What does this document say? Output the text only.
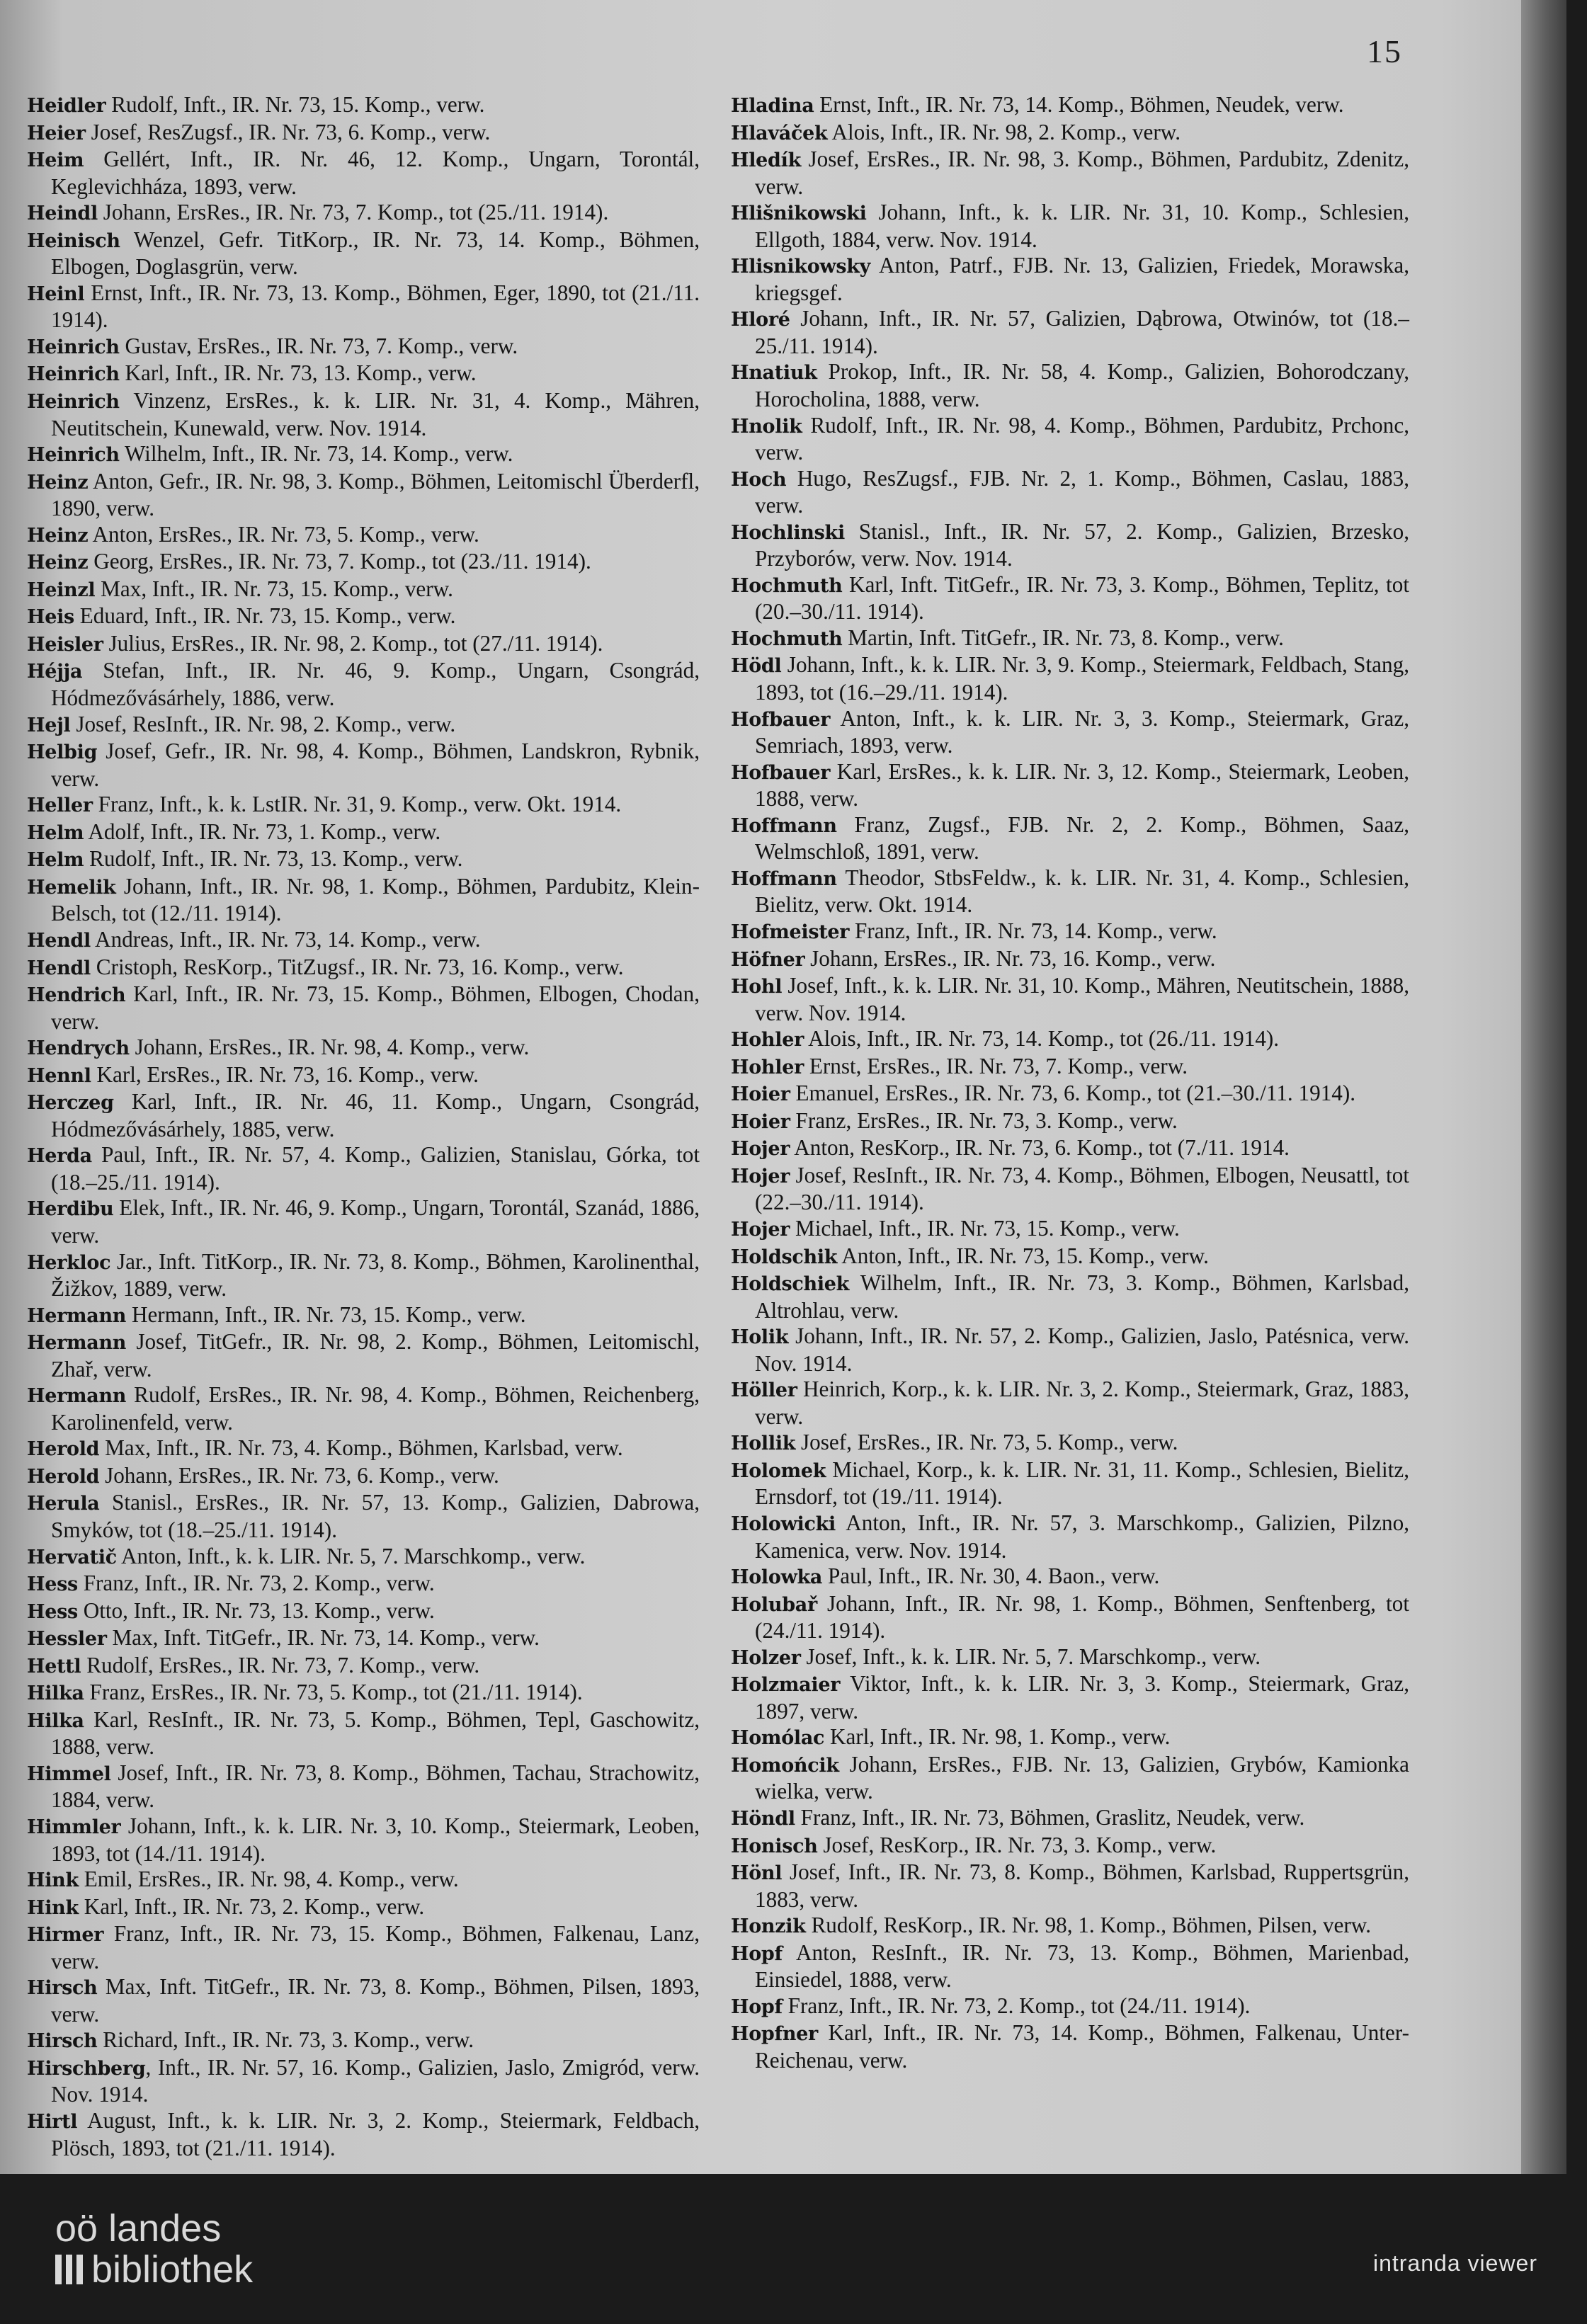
15

Heidler Rudolf, Inft., IR. Nr. 73, 15. Komp., verw.

Heier Josef, ResZugsf., IR. Nr. 73, 6. Komp., verw.

Heim Gellért, Inft., IR. Nr. 46, 12. Komp., Ungarn, Torontál, Keglevichháza, 1893, verw.

Heindl Johann, ErsRes., IR. Nr. 73, 7. Komp., tot (25./11. 1914).

Heinisch Wenzel, Gefr. TitKorp., IR. Nr. 73, 14. Komp., Böhmen, Elbogen, Doglasgrün, verw.

Heinl Ernst, Inft., IR. Nr. 73, 13. Komp., Böhmen, Eger, 1890, tot (21./11. 1914).

Heinrich Gustav, ErsRes., IR. Nr. 73, 7. Komp., verw.

Heinrich Karl, Inft., IR. Nr. 73, 13. Komp., verw.

Heinrich Vinzenz, ErsRes., k. k. LIR. Nr. 31, 4. Komp., Mähren, Neutitschein, Kunewald, verw. Nov. 1914.

Heinrich Wilhelm, Inft., IR. Nr. 73, 14. Komp., verw.

Heinz Anton, Gefr., IR. Nr. 98, 3. Komp., Böhmen, Leitomischl Überderfl, 1890, verw.

Heinz Anton, ErsRes., IR. Nr. 73, 5. Komp., verw.

Heinz Georg, ErsRes., IR. Nr. 73, 7. Komp., tot (23./11. 1914).

Heinzl Max, Inft., IR. Nr. 73, 15. Komp., verw.

Heis Eduard, Inft., IR. Nr. 73, 15. Komp., verw.

Heisler Julius, ErsRes., IR. Nr. 98, 2. Komp., tot (27./11. 1914).

Héjja Stefan, Inft., IR. Nr. 46, 9. Komp., Ungarn, Csongrád, Hódmezővásárhely, 1886, verw.

Hejl Josef, ResInft., IR. Nr. 98, 2. Komp., verw.

Helbig Josef, Gefr., IR. Nr. 98, 4. Komp., Böhmen, Landskron, Rybnik, verw.

Heller Franz, Inft., k. k. LstIR. Nr. 31, 9. Komp., verw. Okt. 1914.

Helm Adolf, Inft., IR. Nr. 73, 1. Komp., verw.

Helm Rudolf, Inft., IR. Nr. 73, 13. Komp., verw.

Hemelik Johann, Inft., IR. Nr. 98, 1. Komp., Böhmen, Pardubitz, Klein-Belsch, tot (12./11. 1914).

Hendl Andreas, Inft., IR. Nr. 73, 14. Komp., verw.

Hendl Cristoph, ResKorp., TitZugsf., IR. Nr. 73, 16. Komp., verw.

Hendrich Karl, Inft., IR. Nr. 73, 15. Komp., Böhmen, Elbogen, Chodan, verw.

Hendrych Johann, ErsRes., IR. Nr. 98, 4. Komp., verw.

Hennl Karl, ErsRes., IR. Nr. 73, 16. Komp., verw.

Herczeg Karl, Inft., IR. Nr. 46, 11. Komp., Ungarn, Csongrád, Hódmezővásárhely, 1885, verw.

Herda Paul, Inft., IR. Nr. 57, 4. Komp., Galizien, Stanislau, Górka, tot (18.–25./11. 1914).

Herdibu Elek, Inft., IR. Nr. 46, 9. Komp., Ungarn, Torontál, Szanád, 1886, verw.

Herkloc Jar., Inft. TitKorp., IR. Nr. 73, 8. Komp., Böhmen, Karolinenthal, Žižkov, 1889, verw.

Hermann Hermann, Inft., IR. Nr. 73, 15. Komp., verw.

Hermann Josef, TitGefr., IR. Nr. 98, 2. Komp., Böhmen, Leitomischl, Zhař, verw.

Hermann Rudolf, ErsRes., IR. Nr. 98, 4. Komp., Böhmen, Reichenberg, Karolinenfeld, verw.

Herold Max, Inft., IR. Nr. 73, 4. Komp., Böhmen, Karlsbad, verw.

Herold Johann, ErsRes., IR. Nr. 73, 6. Komp., verw.

Herula Stanisl., ErsRes., IR. Nr. 57, 13. Komp., Galizien, Dabrowa, Smyków, tot (18.–25./11. 1914).

Hervatič Anton, Inft., k. k. LIR. Nr. 5, 7. Marschkomp., verw.

Hess Franz, Inft., IR. Nr. 73, 2. Komp., verw.

Hess Otto, Inft., IR. Nr. 73, 13. Komp., verw.

Hessler Max, Inft. TitGefr., IR. Nr. 73, 14. Komp., verw.

Hettl Rudolf, ErsRes., IR. Nr. 73, 7. Komp., verw.

Hilka Franz, ErsRes., IR. Nr. 73, 5. Komp., tot (21./11. 1914).

Hilka Karl, ResInft., IR. Nr. 73, 5. Komp., Böhmen, Tepl, Gaschowitz, 1888, verw.

Himmel Josef, Inft., IR. Nr. 73, 8. Komp., Böhmen, Tachau, Strachowitz, 1884, verw.

Himmler Johann, Inft., k. k. LIR. Nr. 3, 10. Komp., Steiermark, Leoben, 1893, tot (14./11. 1914).

Hink Emil, ErsRes., IR. Nr. 98, 4. Komp., verw.

Hink Karl, Inft., IR. Nr. 73, 2. Komp., verw.

Hirmer Franz, Inft., IR. Nr. 73, 15. Komp., Böhmen, Falkenau, Lanz, verw.

Hirsch Max, Inft. TitGefr., IR. Nr. 73, 8. Komp., Böhmen, Pilsen, 1893, verw.

Hirsch Richard, Inft., IR. Nr. 73, 3. Komp., verw.

Hirschberg, Inft., IR. Nr. 57, 16. Komp., Galizien, Jaslo, Zmigród, verw. Nov. 1914.

Hirtl August, Inft., k. k. LIR. Nr. 3, 2. Komp., Steiermark, Feldbach, Plösch, 1893, tot (21./11. 1914).

Hladina Ernst, Inft., IR. Nr. 73, 14. Komp., Böhmen, Neudek, verw.

Hlaváček Alois, Inft., IR. Nr. 98, 2. Komp., verw.

Hledík Josef, ErsRes., IR. Nr. 98, 3. Komp., Böhmen, Pardubitz, Zdenitz, verw.

Hlišnikowski Johann, Inft., k. k. LIR. Nr. 31, 10. Komp., Schlesien, Ellgoth, 1884, verw. Nov. 1914.

Hlisnikowsky Anton, Patrf., FJB. Nr. 13, Galizien, Friedek, Morawska, kriegsgef.

Hloré Johann, Inft., IR. Nr. 57, Galizien, Dąbrowa, Otwinów, tot (18.–25./11. 1914).

Hnatiuk Prokop, Inft., IR. Nr. 58, 4. Komp., Galizien, Bohorodczany, Horocholina, 1888, verw.

Hnolik Rudolf, Inft., IR. Nr. 98, 4. Komp., Böhmen, Pardubitz, Prchonc, verw.

Hoch Hugo, ResZugsf., FJB. Nr. 2, 1. Komp., Böhmen, Caslau, 1883, verw.

Hochlinski Stanisl., Inft., IR. Nr. 57, 2. Komp., Galizien, Brzesko, Przyborów, verw. Nov. 1914.

Hochmuth Karl, Inft. TitGefr., IR. Nr. 73, 3. Komp., Böhmen, Teplitz, tot (20.–30./11. 1914).

Hochmuth Martin, Inft. TitGefr., IR. Nr. 73, 8. Komp., verw.

Hödl Johann, Inft., k. k. LIR. Nr. 3, 9. Komp., Steiermark, Feldbach, Stang, 1893, tot (16.–29./11. 1914).

Hofbauer Anton, Inft., k. k. LIR. Nr. 3, 3. Komp., Steiermark, Graz, Semriach, 1893, verw.

Hofbauer Karl, ErsRes., k. k. LIR. Nr. 3, 12. Komp., Steiermark, Leoben, 1888, verw.

Hoffmann Franz, Zugsf., FJB. Nr. 2, 2. Komp., Böhmen, Saaz, Welmschloß, 1891, verw.

Hoffmann Theodor, StbsFeldw., k. k. LIR. Nr. 31, 4. Komp., Schlesien, Bielitz, verw. Okt. 1914.

Hofmeister Franz, Inft., IR. Nr. 73, 14. Komp., verw.

Höfner Johann, ErsRes., IR. Nr. 73, 16. Komp., verw.

Hohl Josef, Inft., k. k. LIR. Nr. 31, 10. Komp., Mähren, Neutitschein, 1888, verw. Nov. 1914.

Hohler Alois, Inft., IR. Nr. 73, 14. Komp., tot (26./11. 1914).

Hohler Ernst, ErsRes., IR. Nr. 73, 7. Komp., verw.

Hoier Emanuel, ErsRes., IR. Nr. 73, 6. Komp., tot (21.–30./11. 1914).

Hoier Franz, ErsRes., IR. Nr. 73, 3. Komp., verw.

Hojer Anton, ResKorp., IR. Nr. 73, 6. Komp., tot (7./11. 1914.

Hojer Josef, ResInft., IR. Nr. 73, 4. Komp., Böhmen, Elbogen, Neusattl, tot (22.–30./11. 1914).

Hojer Michael, Inft., IR. Nr. 73, 15. Komp., verw.

Holdschik Anton, Inft., IR. Nr. 73, 15. Komp., verw.

Holdschiek Wilhelm, Inft., IR. Nr. 73, 3. Komp., Böhmen, Karlsbad, Altrohlau, verw.

Holik Johann, Inft., IR. Nr. 57, 2. Komp., Galizien, Jaslo, Patésnica, verw. Nov. 1914.

Höller Heinrich, Korp., k. k. LIR. Nr. 3, 2. Komp., Steiermark, Graz, 1883, verw.

Hollik Josef, ErsRes., IR. Nr. 73, 5. Komp., verw.

Holomek Michael, Korp., k. k. LIR. Nr. 31, 11. Komp., Schlesien, Bielitz, Ernsdorf, tot (19./11. 1914).

Holowicki Anton, Inft., IR. Nr. 57, 3. Marschkomp., Galizien, Pilzno, Kamenica, verw. Nov. 1914.

Holowka Paul, Inft., IR. Nr. 30, 4. Baon., verw.

Holubař Johann, Inft., IR. Nr. 98, 1. Komp., Böhmen, Senftenberg, tot (24./11. 1914).

Holzer Josef, Inft., k. k. LIR. Nr. 5, 7. Marschkomp., verw.

Holzmaier Viktor, Inft., k. k. LIR. Nr. 3, 3. Komp., Steiermark, Graz, 1897, verw.

Homólac Karl, Inft., IR. Nr. 98, 1. Komp., verw.

Homońcik Johann, ErsRes., FJB. Nr. 13, Galizien, Grybów, Kamionka wielka, verw.

Höndl Franz, Inft., IR. Nr. 73, Böhmen, Graslitz, Neudek, verw.

Honisch Josef, ResKorp., IR. Nr. 73, 3. Komp., verw.

Hönl Josef, Inft., IR. Nr. 73, 8. Komp., Böhmen, Karlsbad, Ruppertsgrün, 1883, verw.

Honzik Rudolf, ResKorp., IR. Nr. 98, 1. Komp., Böhmen, Pilsen, verw.

Hopf Anton, ResInft., IR. Nr. 73, 13. Komp., Böhmen, Marienbad, Einsiedel, 1888, verw.

Hopf Franz, Inft., IR. Nr. 73, 2. Komp., tot (24./11. 1914).

Hopfner Karl, Inft., IR. Nr. 73, 14. Komp., Böhmen, Falkenau, Unter-Reichenau, verw.

oö landes
bibliothek	intranda viewer
